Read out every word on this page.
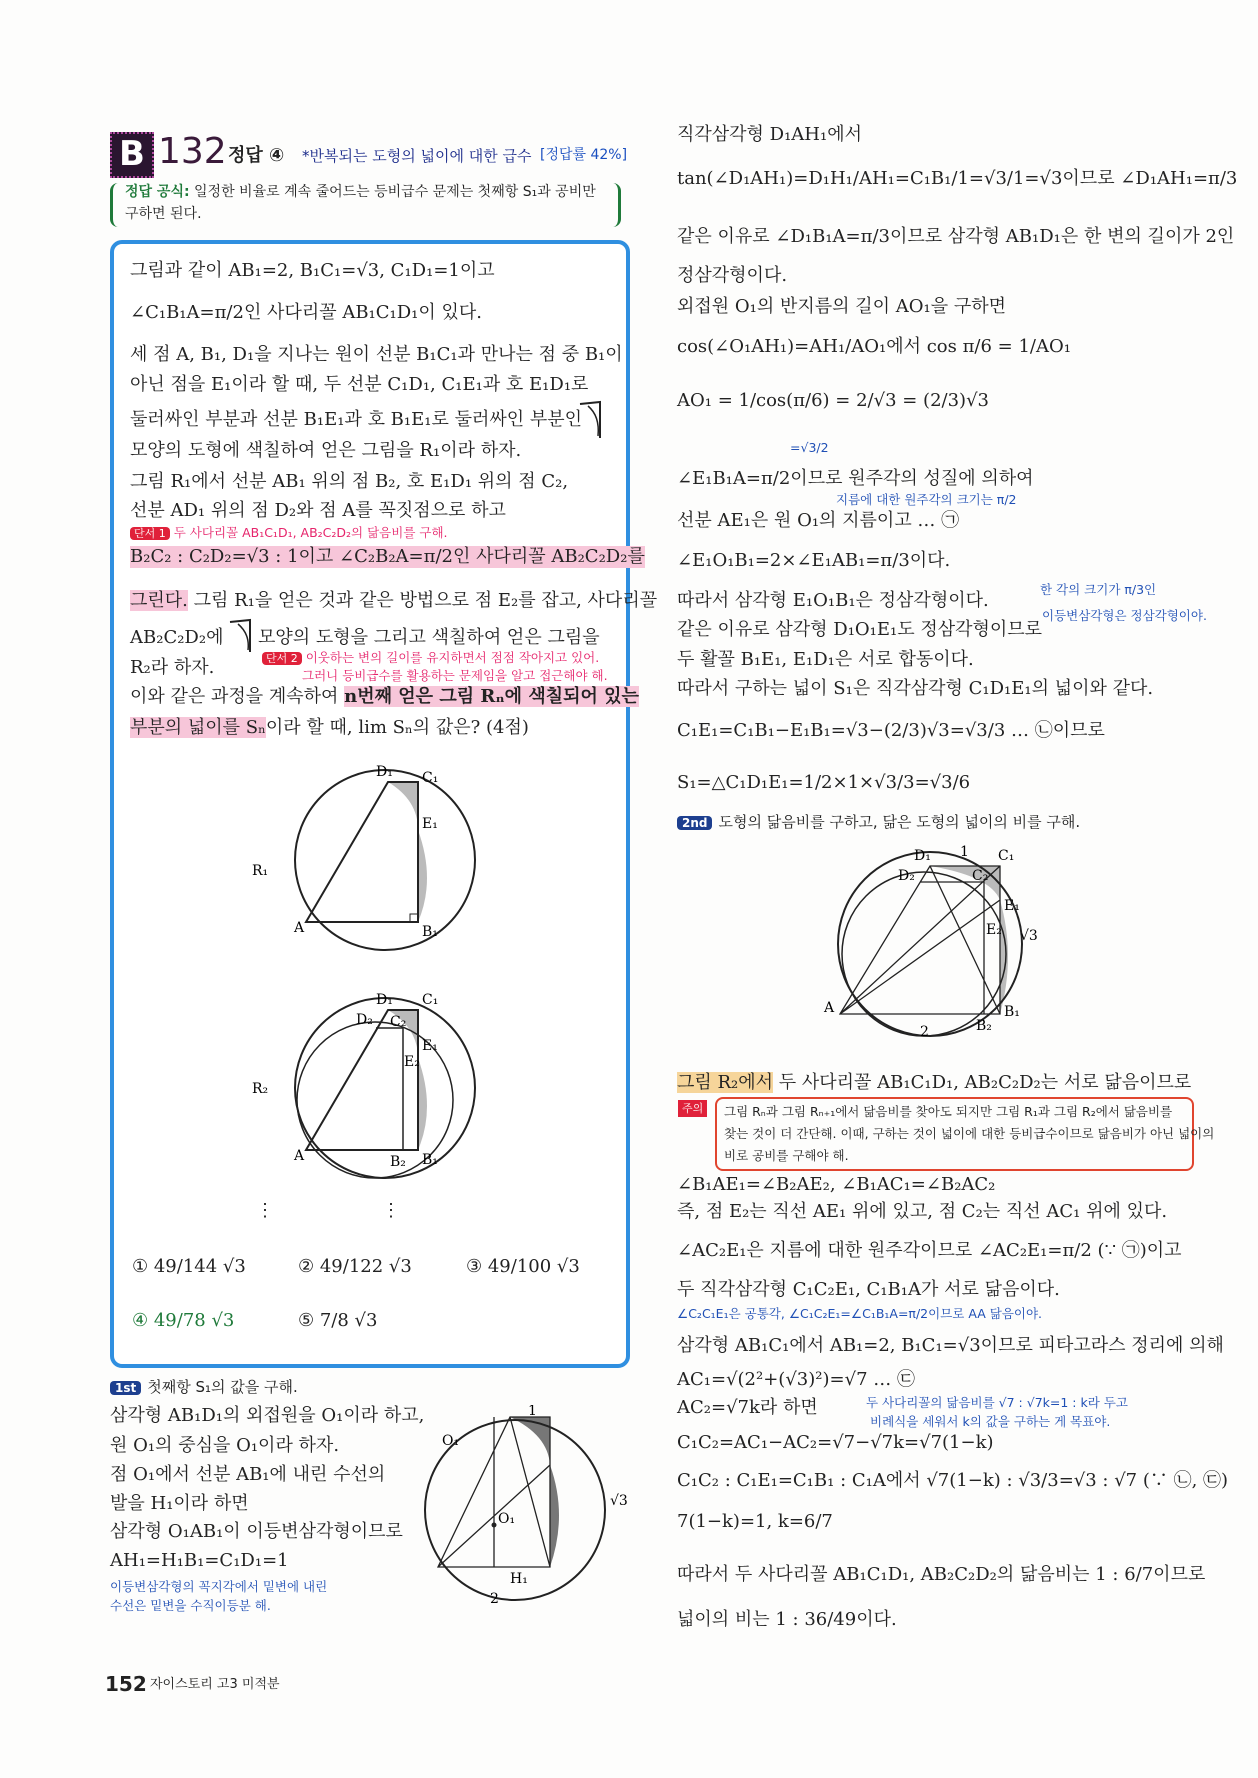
B 132 정답 ④ *반복되는 도형의 넓이에 대한 급수 [정답률 42%]
정답 공식: 일정한 비율로 계속 줄어드는 등비급수 문제는 첫째항 S₁과 공비만
구하면 된다.
그림과 같이 AB₁=2, B₁C₁=√3, C₁D₁=1이고
∠C₁B₁A=π/2인 사다리꼴 AB₁C₁D₁이 있다.
세 점 A, B₁, D₁을 지나는 원이 선분 B₁C₁과 만나는 점 중 B₁이
아닌 점을 E₁이라 할 때, 두 선분 C₁D₁, C₁E₁과 호 E₁D₁로
둘러싸인 부분과 선분 B₁E₁과 호 B₁E₁로 둘러싸인 부분인
모양의 도형에 색칠하여 얻은 그림을 R₁이라 하자.
그림 R₁에서 선분 AB₁ 위의 점 B₂, 호 E₁D₁ 위의 점 C₂,
선분 AD₁ 위의 점 D₂와 점 A를 꼭짓점으로 하고
단서 1 두 사다리꼴 AB₁C₁D₁, AB₂C₂D₂의 닮음비를 구해.
B₂C₂ : C₂D₂=√3 : 1이고 ∠C₂B₂A=π/2인 사다리꼴 AB₂C₂D₂를
그린다. 그림 R₁을 얻은 것과 같은 방법으로 점 E₂를 잡고, 사다리꼴
AB₂C₂D₂에 모양의 도형을 그리고 색칠하여 얻은 그림을
R₂라 하자.	단서 2 이웃하는 변의 길이를 유지하면서 점점 작아지고 있어.
그러니 등비급수를 활용하는 문제임을 알고 접근해야 해.
이와 같은 과정을 계속하여 n번째 얻은 그림 Rₙ에 색칠되어 있는
부분의 넓이를 Sₙ이라 할 때, lim Sₙ의 값은? (4점)
R₁
A	B₁
C₁
D₁
E₁
R₂
A	B₁
B₂
C₁
C₂
D₁
D₂
E₁
E₂
⋮	⋮
① 49/144 √3	② 49/122 √3	③ 49/100 √3
④ 49/78 √3	⑤ 7/8 √3
1st 첫째항 S₁의 값을 구해.
삼각형 AB₁D₁의 외접원을 O₁이라 하고,
원 O₁의 중심을 O₁이라 하자.
점 O₁에서 선분 AB₁에 내린 수선의
발을 H₁이라 하면
삼각형 O₁AB₁이 이등변삼각형이므로
AH₁=H₁B₁=C₁D₁=1
이등변삼각형의 꼭지각에서 밑변에 내린
수선은 밑변을 수직이등분 해.
O₁
O₁
H₁
1
2
√3
152 자이스토리 고3 미적분
직각삼각형 D₁AH₁에서
tan(∠D₁AH₁)=D₁H₁/AH₁=C₁B₁/1=√3/1=√3이므로 ∠D₁AH₁=π/3
같은 이유로 ∠D₁B₁A=π/3이므로 삼각형 AB₁D₁은 한 변의 길이가 2인
정삼각형이다.
외접원 O₁의 반지름의 길이 AO₁을 구하면
cos(∠O₁AH₁)=AH₁/AO₁에서 cos π/6 = 1/AO₁
AO₁ = 1/cos(π/6) = 2/√3 = (2/3)√3
=√3/2
∠E₁B₁A=π/2이므로 원주각의 성질에 의하여
지름에 대한 원주각의 크기는 π/2
선분 AE₁은 원 O₁의 지름이고 … ㉠
∠E₁O₁B₁=2×∠E₁AB₁=π/3이다.
따라서 삼각형 E₁O₁B₁은 정삼각형이다.
한 각의 크기가 π/3인
이등변삼각형은 정삼각형이야.
같은 이유로 삼각형 D₁O₁E₁도 정삼각형이므로
두 활꼴 B₁E₁, E₁D₁은 서로 합동이다.
따라서 구하는 넓이 S₁은 직각삼각형 C₁D₁E₁의 넓이와 같다.
C₁E₁=C₁B₁−E₁B₁=√3−(2/3)√3=√3/3 … ㉡이므로
S₁=△C₁D₁E₁=1/2×1×√3/3=√3/6
2nd 도형의 닮음비를 구하고, 닮은 도형의 넓이의 비를 구해.
A	B₁
B₂
C₁
C₂
D₁
D₂
E₁
E₂
1
2
√3
그림 R₂에서 두 사다리꼴 AB₁C₁D₁, AB₂C₂D₂는 서로 닮음이므로
주의	그림 Rₙ과 그림 Rₙ₊₁에서 닮음비를 찾아도 되지만 그림 R₁과 그림 R₂에서 닮음비를
찾는 것이 더 간단해. 이때, 구하는 것이 넓이에 대한 등비급수이므로 닮음비가 아닌 넓이의
비로 공비를 구해야 해.
∠B₁AE₁=∠B₂AE₂, ∠B₁AC₁=∠B₂AC₂
즉, 점 E₂는 직선 AE₁ 위에 있고, 점 C₂는 직선 AC₁ 위에 있다.
∠AC₂E₁은 지름에 대한 원주각이므로 ∠AC₂E₁=π/2 (∵ ㉠)이고
두 직각삼각형 C₁C₂E₁, C₁B₁A가 서로 닮음이다.
∠C₂C₁E₁은 공통각, ∠C₁C₂E₁=∠C₁B₁A=π/2이므로 AA 닮음이야.
삼각형 AB₁C₁에서 AB₁=2, B₁C₁=√3이므로 피타고라스 정리에 의해
AC₁=√(2²+(√3)²)=√7 … ㉢
AC₂=√7k라 하면	두 사다리꼴의 닮음비를 √7 : √7k=1 : k라 두고
비례식을 세워서 k의 값을 구하는 게 목표야.
C₁C₂=AC₁−AC₂=√7−√7k=√7(1−k)
C₁C₂ : C₁E₁=C₁B₁ : C₁A에서 √7(1−k) : √3/3=√3 : √7 (∵ ㉡, ㉢)
7(1−k)=1, k=6/7
따라서 두 사다리꼴 AB₁C₁D₁, AB₂C₂D₂의 닮음비는 1 : 6/7이므로
넓이의 비는 1 : 36/49이다.
